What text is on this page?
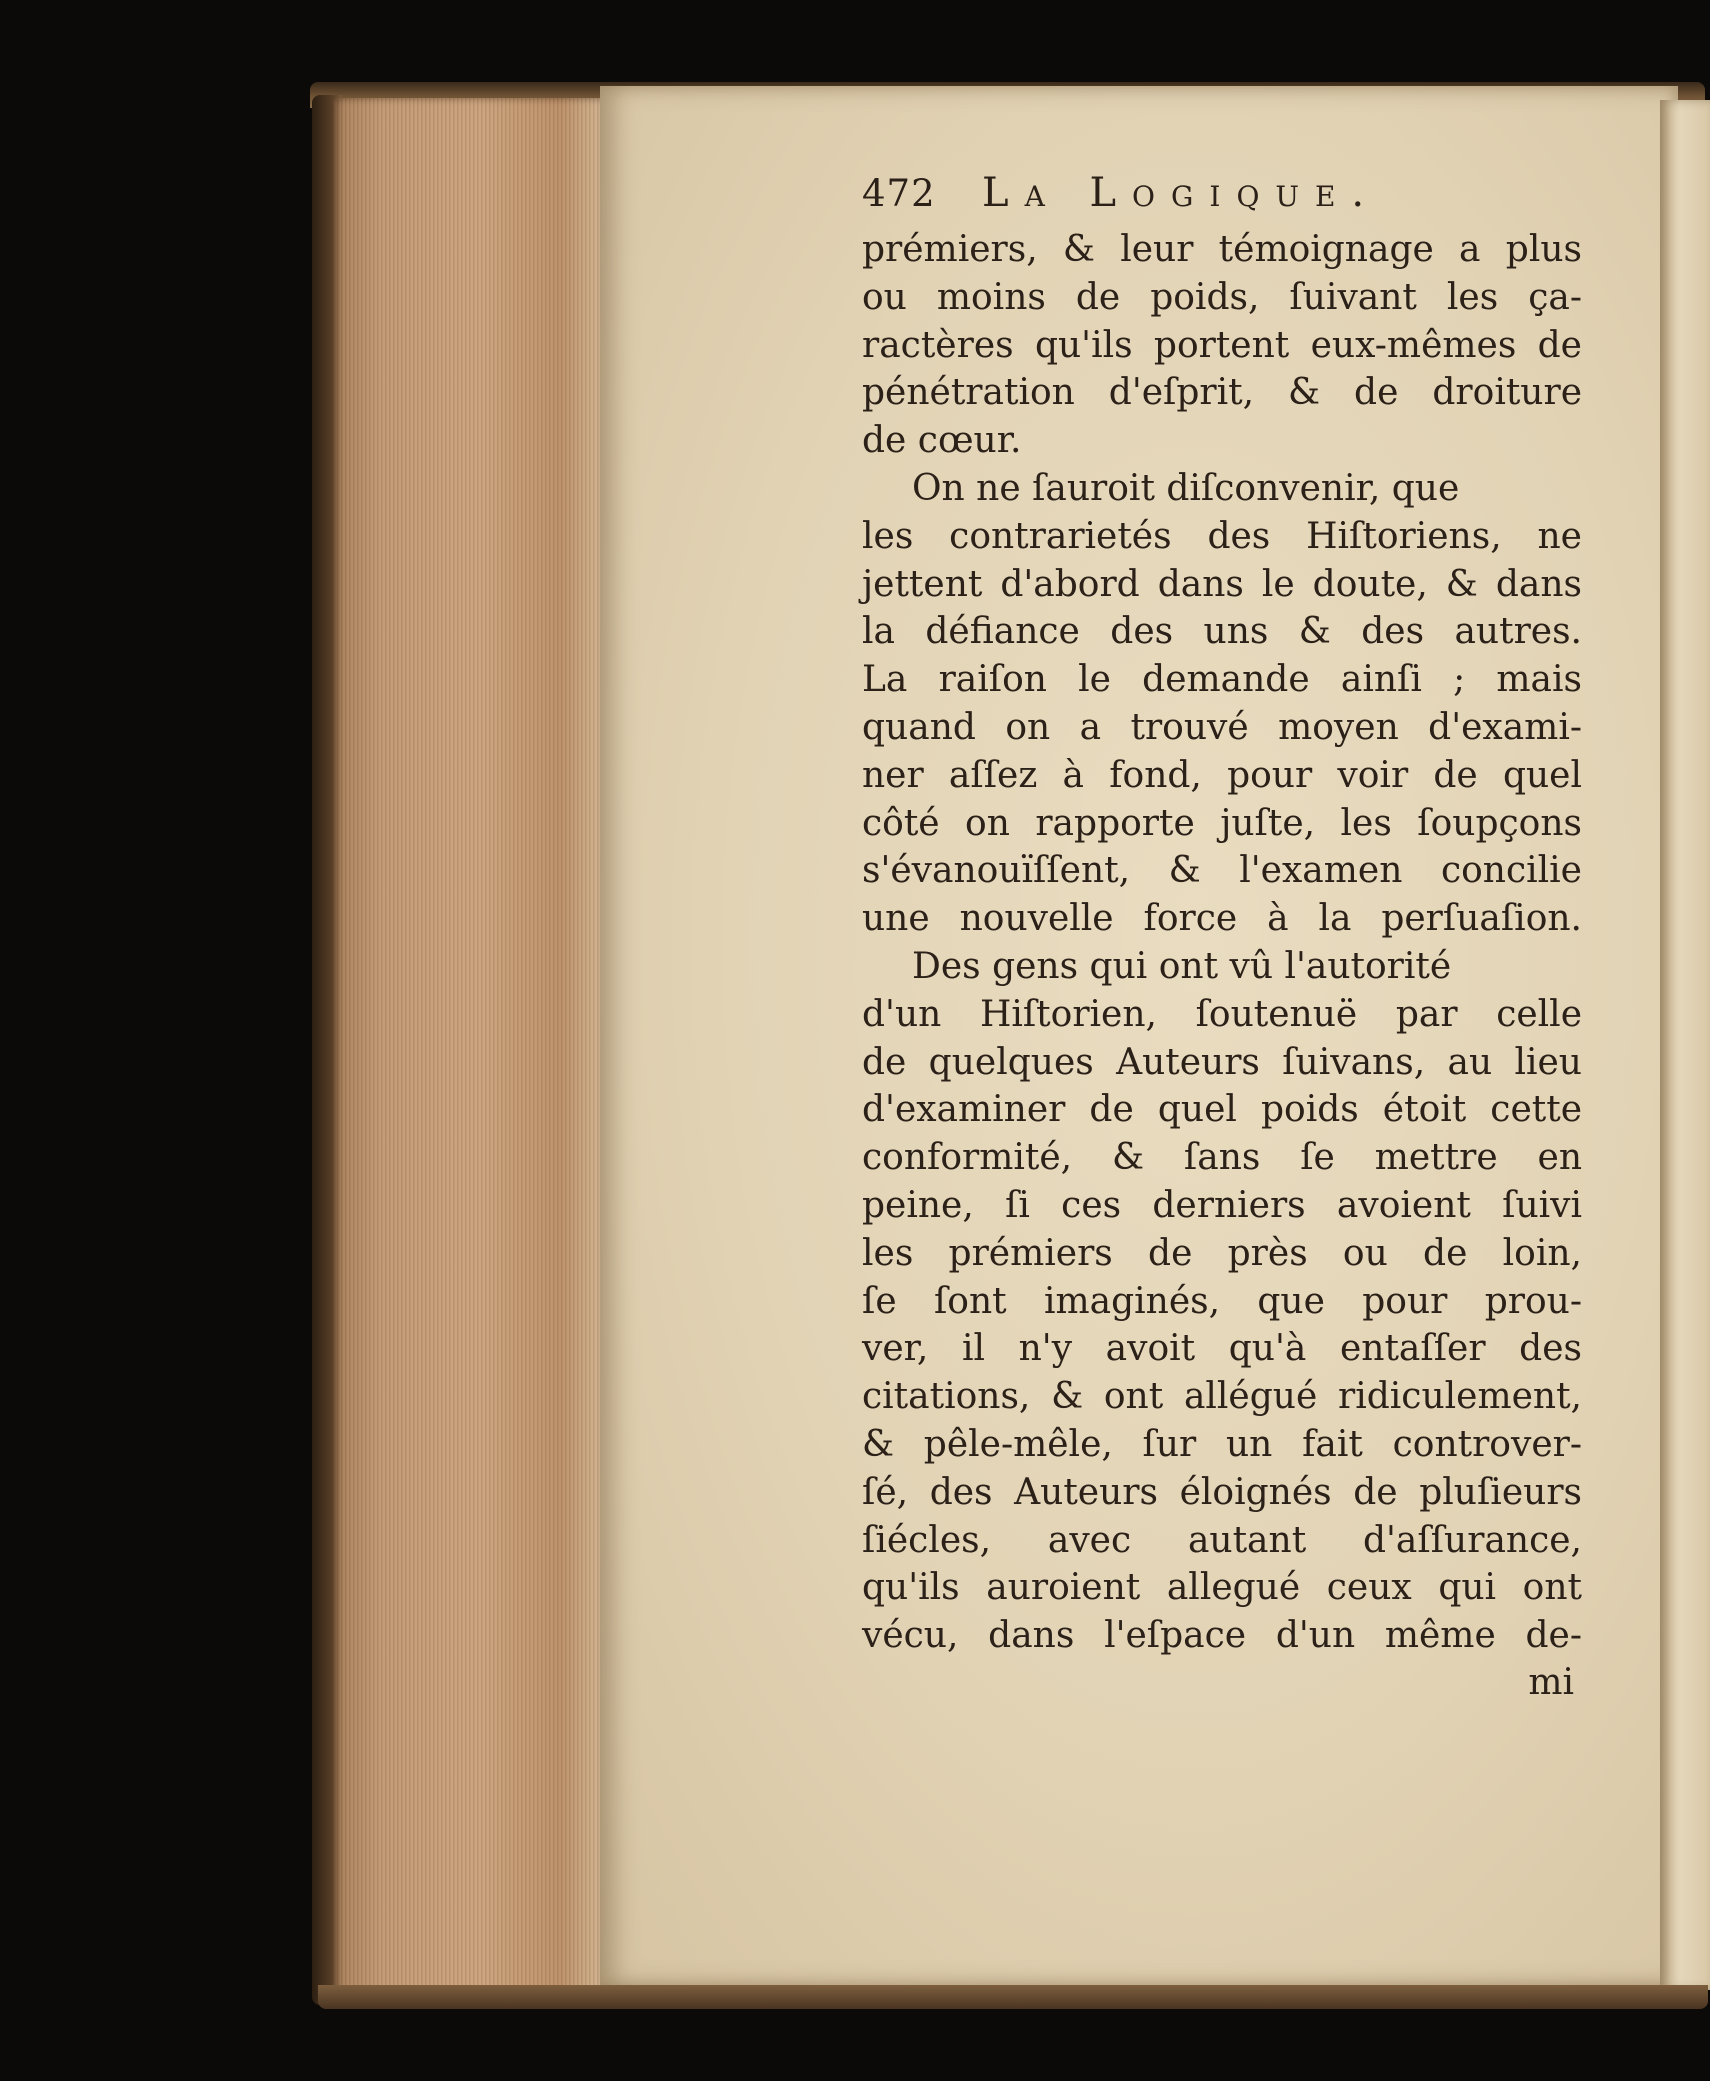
472	La Logique.
prémiers, & leur témoignage a plus
ou moins de poids, ſuivant les ça-
ractères qu'ils portent eux-mêmes de
pénétration d'eſprit, & de droiture
de cœur.
On ne ſauroit diſconvenir, que
les contrarietés des Hiſtoriens, ne
jettent d'abord dans le doute, & dans
la défiance des uns & des autres.
La raiſon le demande ainſi ; mais
quand on a trouvé moyen d'exami-
ner aſſez à fond, pour voir de quel
côté on rapporte juſte, les ſoupçons
s'évanouïſſent, & l'examen concilie
une nouvelle force à la perſuaſion.
Des gens qui ont vû l'autorité
d'un Hiſtorien, ſoutenuë par celle
de quelques Auteurs ſuivans, au lieu
d'examiner de quel poids étoit cette
conformité, & ſans ſe mettre en
peine, ſi ces derniers avoient ſuivi
les prémiers de près ou de loin,
ſe ſont imaginés, que pour prou-
ver, il n'y avoit qu'à entaſſer des
citations, & ont allégué ridiculement,
& pêle-mêle, ſur un fait controver-
ſé, des Auteurs éloignés de pluſieurs
ſiécles, avec autant d'aſſurance,
qu'ils auroient allegué ceux qui ont
vécu, dans l'eſpace d'un même de-
mi
